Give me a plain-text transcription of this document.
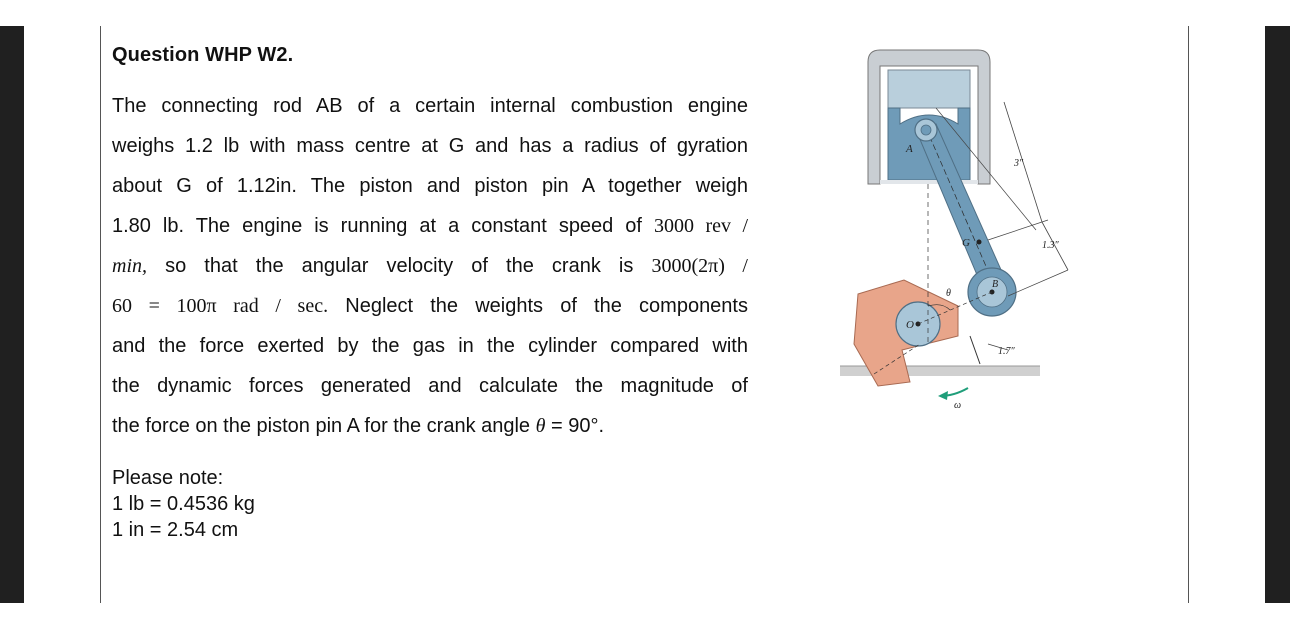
Question WHP W2.
The connecting rod AB of a certain internal combustion engine
weighs 1.2 lb with mass centre at G and has a radius of gyration
about G of 1.12in. The piston and piston pin A together weigh
1.80 lb. The engine is running at a constant speed of 3000 rev /
min, so that the angular velocity of the crank is 3000(2π) /
60 = 100π rad / sec. Neglect the weights of the components
and the force exerted by the gas in the cylinder compared with
the dynamic forces generated and calculate the magnitude of
the force on the piston pin A for the crank angle θ = 90°.
Please note:
1 lb = 0.4536 kg
1 in = 2.54 cm
A
G
B
O
θ
ω
3″
1.3″
1.7″
